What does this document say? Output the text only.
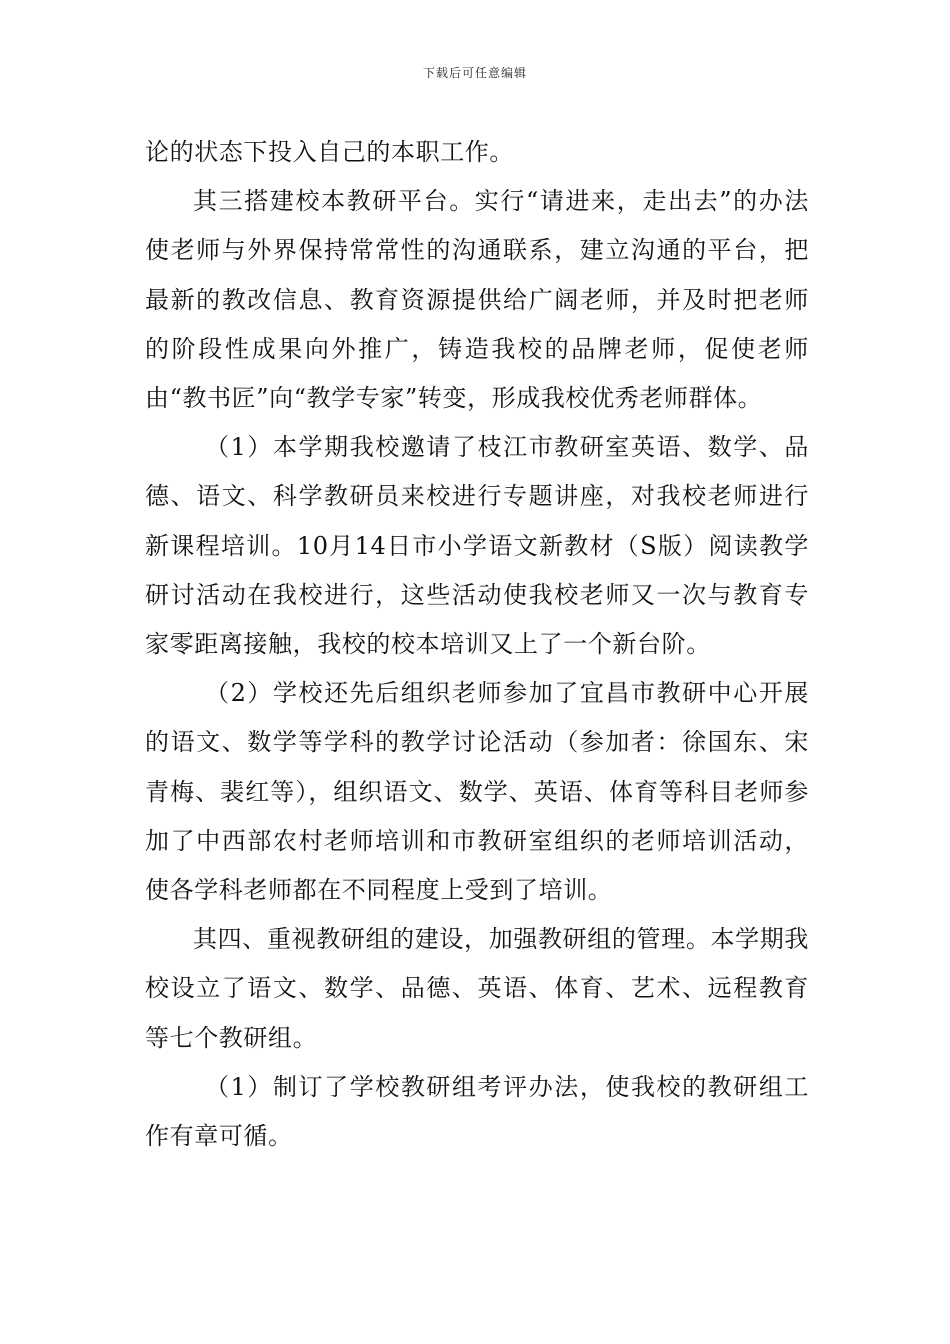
下载后可任意编辑

论的状态下投入自己的本职工作。

其三搭建校本教研平台。实行“请进来，走出去”的办法使老师与外界保持常常性的沟通联系，建立沟通的平台，把最新的教改信息、教育资源提供给广阔老师，并及时把老师的阶段性成果向外推广，铸造我校的品牌老师，促使老师由“教书匠”向“教学专家”转变，形成我校优秀老师群体。

（1）本学期我校邀请了枝江市教研室英语、数学、品德、语文、科学教研员来校进行专题讲座，对我校老师进行新课程培训。10月14日市小学语文新教材（S版）阅读教学研讨活动在我校进行，这些活动使我校老师又一次与教育专家零距离接触，我校的校本培训又上了一个新台阶。

（2）学校还先后组织老师参加了宜昌市教研中心开展的语文、数学等学科的教学讨论活动（参加者：徐国东、宋青梅、裴红等），组织语文、数学、英语、体育等科目老师参加了中西部农村老师培训和市教研室组织的老师培训活动，使各学科老师都在不同程度上受到了培训。

其四、重视教研组的建设，加强教研组的管理。本学期我校设立了语文、数学、品德、英语、体育、艺术、远程教育等七个教研组。

（1）制订了学校教研组考评办法，使我校的教研组工作有章可循。
